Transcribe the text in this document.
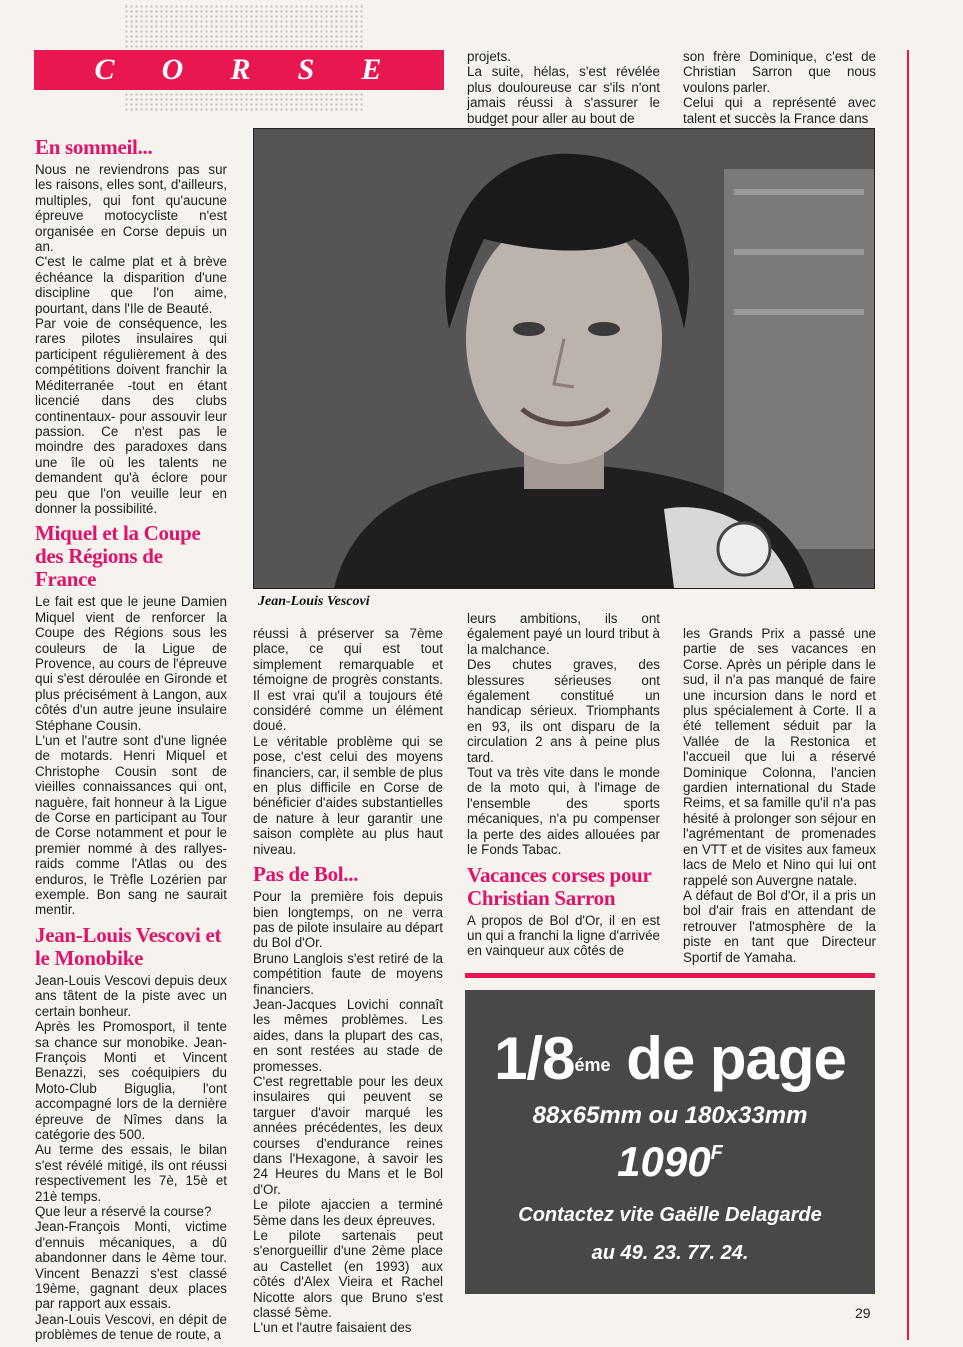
C O R S E
En sommeil...

Nous ne reviendrons pas sur les raisons, elles sont, d'ailleurs, multiples, qui font qu'aucune épreuve motocycliste n'est organisée en Corse depuis un an.

C'est le calme plat et à brève échéance la disparition d'une discipline que l'on aime, pourtant, dans l'Ile de Beauté.

Par voie de conséquence, les rares pilotes insulaires qui participent régulièrement à des compétitions doivent franchir la Méditerranée -tout en étant licencié dans des clubs continentaux- pour assouvir leur passion. Ce n'est pas le moindre des paradoxes dans une île où les talents ne demandent qu'à éclore pour peu que l'on veuille leur en donner la possibilité.

Miquel et la Coupe des Régions de France

Le fait est que le jeune Damien Miquel vient de renforcer la Coupe des Régions sous les couleurs de la Ligue de Provence, au cours de l'épreuve qui s'est déroulée en Gironde et plus précisément à Langon, aux côtés d'un autre jeune insulaire Stéphane Cousin.

L'un et l'autre sont d'une lignée de motards. Henri Miquel et Christophe Cousin sont de vieilles connaissances qui ont, naguère, fait honneur à la Ligue de Corse en participant au Tour de Corse notamment et pour le premier nommé à des rallyes-raids comme l'Atlas ou des enduros, le Trèfle Lozérien par exemple. Bon sang ne saurait mentir.

Jean-Louis Vescovi et le Monobike

Jean-Louis Vescovi depuis deux ans tâtent de la piste avec un certain bonheur.

Après les Promosport, il tente sa chance sur monobike. Jean-François Monti et Vincent Benazzi, ses coéquipiers du Moto-Club Biguglia, l'ont accompagné lors de la dernière épreuve de Nîmes dans la catégorie des 500.

Au terme des essais, le bilan s'est révélé mitigé, ils ont réussi respectivement les 7è, 15è et 21è temps.

Que leur a réservé la course?

Jean-François Monti, victime d'ennuis mécaniques, a dû abandonner dans le 4ème tour. Vincent Benazzi s'est classé 19ème, gagnant deux places par rapport aux essais.

Jean-Louis Vescovi, en dépit de problèmes de tenue de route, a

projets.

La suite, hélas, s'est révélée plus douloureuse car s'ils n'ont jamais réussi à s'assurer le budget pour aller au bout de

son frère Dominique, c'est de Christian Sarron que nous voulons parler.

Celui qui a représenté avec talent et succès la France dans

Jean-Louis Vescovi

réussi à préserver sa 7ème place, ce qui est tout simplement remarquable et témoigne de progrès constants. Il est vrai qu'il a toujours été considéré comme un élément doué.

Le véritable problème qui se pose, c'est celui des moyens financiers, car, il semble de plus en plus difficile en Corse de bénéficier d'aides substantielles de nature à leur garantir une saison complète au plus haut niveau.

Pas de Bol...

Pour la première fois depuis bien longtemps, on ne verra pas de pilote insulaire au départ du Bol d'Or.

Bruno Langlois s'est retiré de la compétition faute de moyens financiers.

Jean-Jacques Lovichi connaît les mêmes problèmes. Les aides, dans la plupart des cas, en sont restées au stade de promesses.

C'est regrettable pour les deux insulaires qui peuvent se targuer d'avoir marqué les années précédentes, les deux courses d'endurance reines dans l'Hexagone, à savoir les 24 Heures du Mans et le Bol d'Or.

Le pilote ajaccien a terminé 5ème dans les deux épreuves.

Le pilote sartenais peut s'enorgueillir d'une 2ème place au Castellet (en 1993) aux côtés d'Alex Vieira et Rachel Nicotte alors que Bruno s'est classé 5ème.

L'un et l'autre faisaient des

leurs ambitions, ils ont également payé un lourd tribut à la malchance.

Des chutes graves, des blessures sérieuses ont également constitué un handicap sérieux. Triomphants en 93, ils ont disparu de la circulation 2 ans à peine plus tard.

Tout va très vite dans le monde de la moto qui, à l'image de l'ensemble des sports mécaniques, n'a pu compenser la perte des aides allouées par le Fonds Tabac.

Vacances corses pour Christian Sarron

A propos de Bol d'Or, il en est un qui a franchi la ligne d'arrivée en vainqueur aux côtés de

les Grands Prix a passé une partie de ses vacances en Corse. Après un périple dans le sud, il n'a pas manqué de faire une incursion dans le nord et plus spécialement à Corte. Il a été tellement séduit par la Vallée de la Restonica et l'accueil que lui a réservé Dominique Colonna, l'ancien gardien international du Stade Reims, et sa famille qu'il n'a pas hésité à prolonger son séjour en l'agrémentant de promenades en VTT et de visites aux fameux lacs de Melo et Nino qui lui ont rappelé son Auvergne natale.

A défaut de Bol d'Or, il a pris un bol d'air frais en attendant de retrouver l'atmosphère de la piste en tant que Directeur Sportif de Yamaha.

$1/8^{éme}$ de page
88x65mm ou 180x33mm
$1090^F$
Contactez vite Gaëlle Delagarde
au 49. 23. 77. 24.
29
